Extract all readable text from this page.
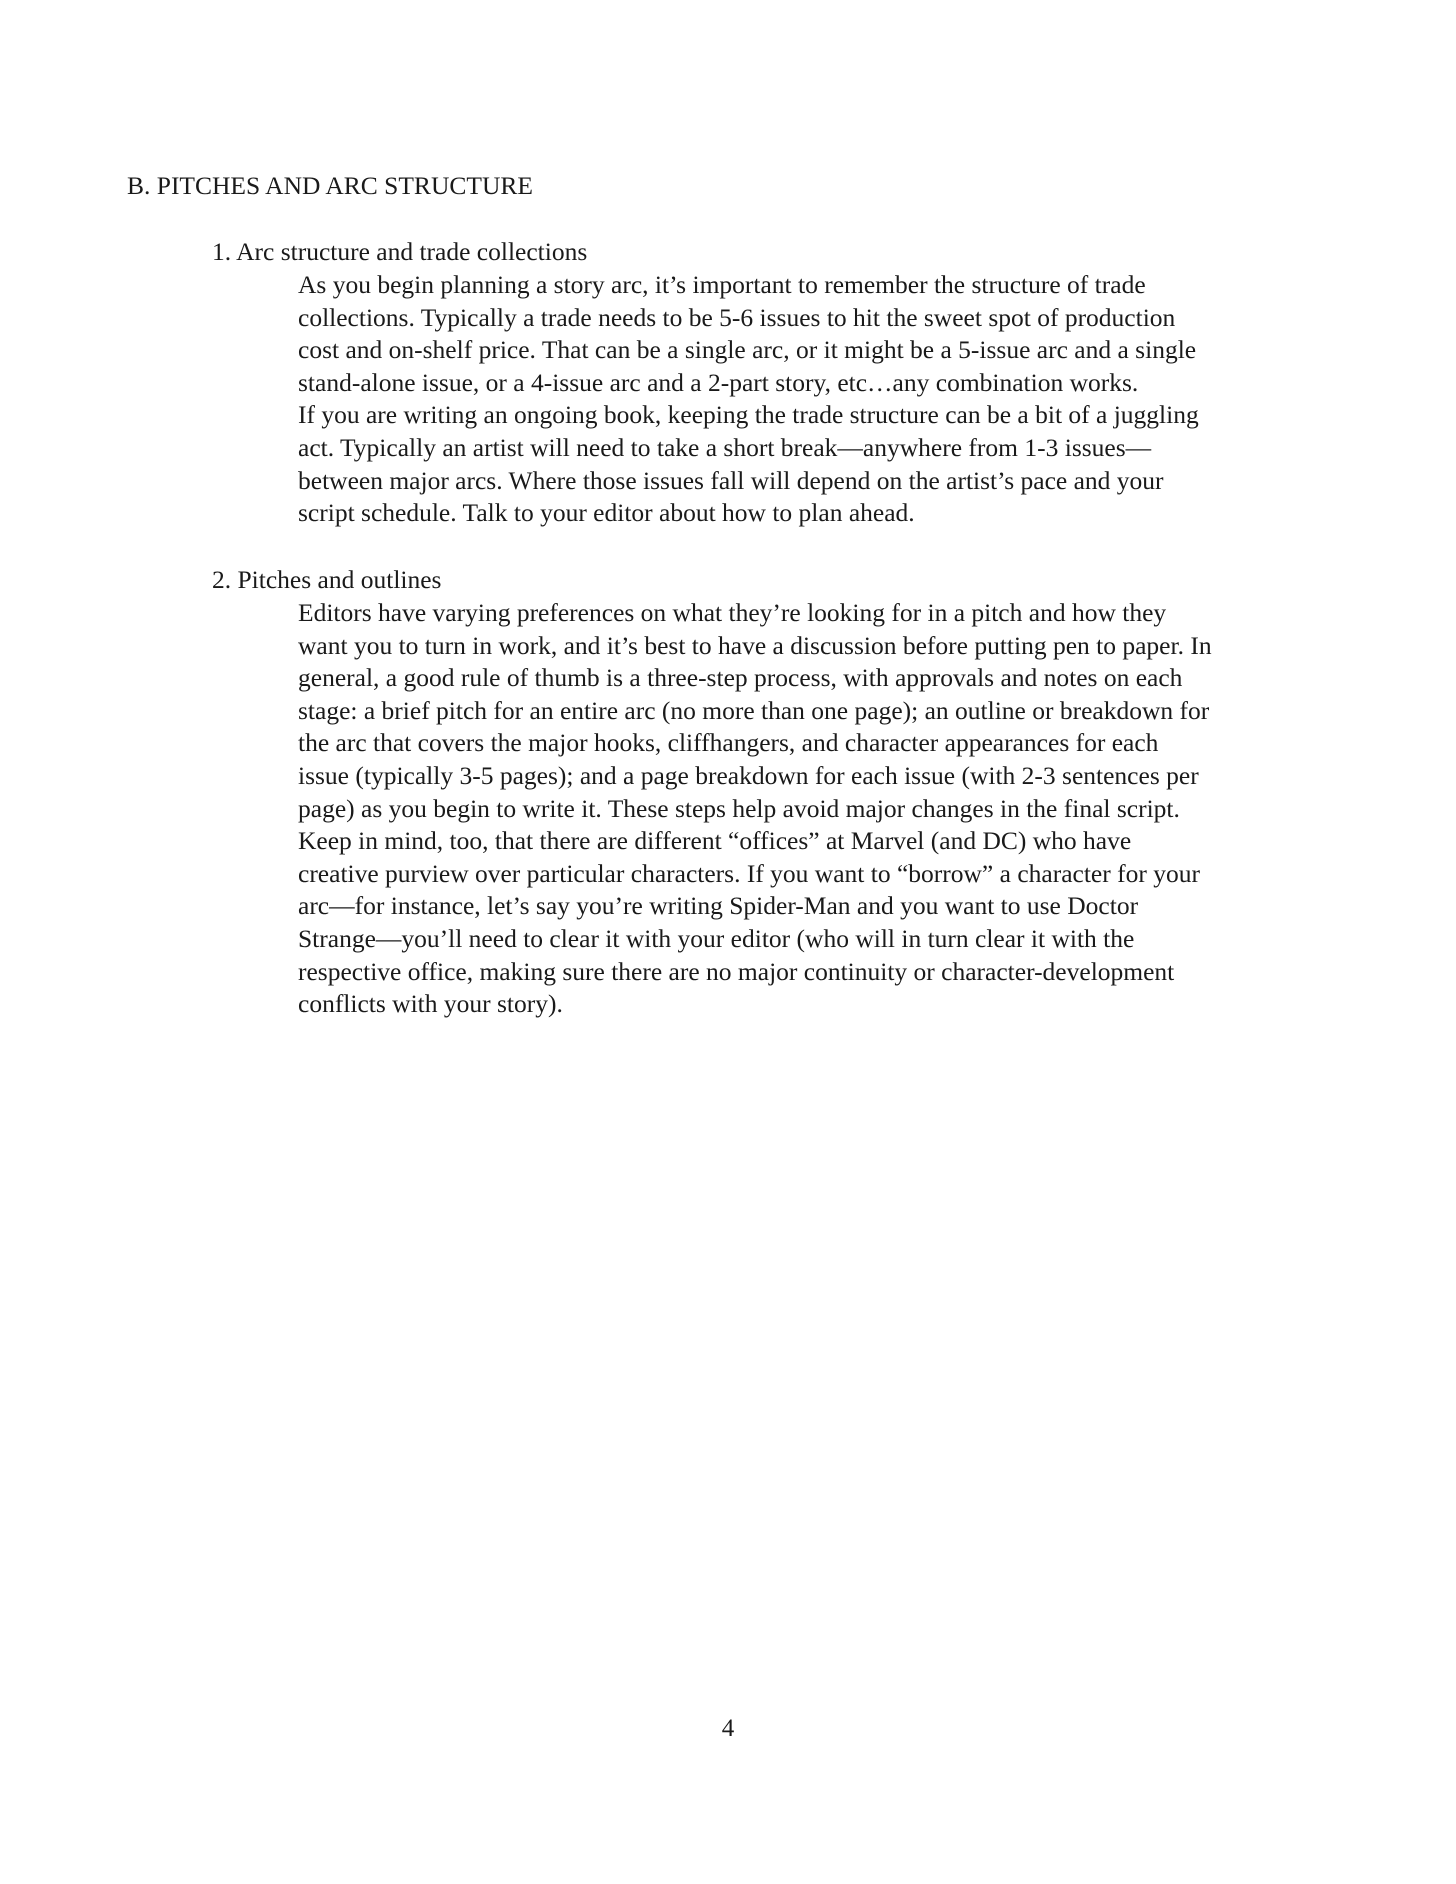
B. PITCHES AND ARC STRUCTURE
1. Arc structure and trade collections
As you begin planning a story arc, it’s important to remember the structure of trade
collections. Typically a trade needs to be 5-6 issues to hit the sweet spot of production
cost and on-shelf price. That can be a single arc, or it might be a 5-issue arc and a single
stand-alone issue, or a 4-issue arc and a 2-part story, etc…any combination works.
If you are writing an ongoing book, keeping the trade structure can be a bit of a juggling
act. Typically an artist will need to take a short break—anywhere from 1-3 issues—
between major arcs. Where those issues fall will depend on the artist’s pace and your
script schedule. Talk to your editor about how to plan ahead.
2. Pitches and outlines
Editors have varying preferences on what they’re looking for in a pitch and how they
want you to turn in work, and it’s best to have a discussion before putting pen to paper. In
general, a good rule of thumb is a three-step process, with approvals and notes on each
stage: a brief pitch for an entire arc (no more than one page); an outline or breakdown for
the arc that covers the major hooks, cliffhangers, and character appearances for each
issue (typically 3-5 pages); and a page breakdown for each issue (with 2-3 sentences per
page) as you begin to write it. These steps help avoid major changes in the final script.
Keep in mind, too, that there are different “offices” at Marvel (and DC) who have
creative purview over particular characters. If you want to “borrow” a character for your
arc—for instance, let’s say you’re writing Spider-Man and you want to use Doctor
Strange—you’ll need to clear it with your editor (who will in turn clear it with the
respective office, making sure there are no major continuity or character-development
conflicts with your story).
4
